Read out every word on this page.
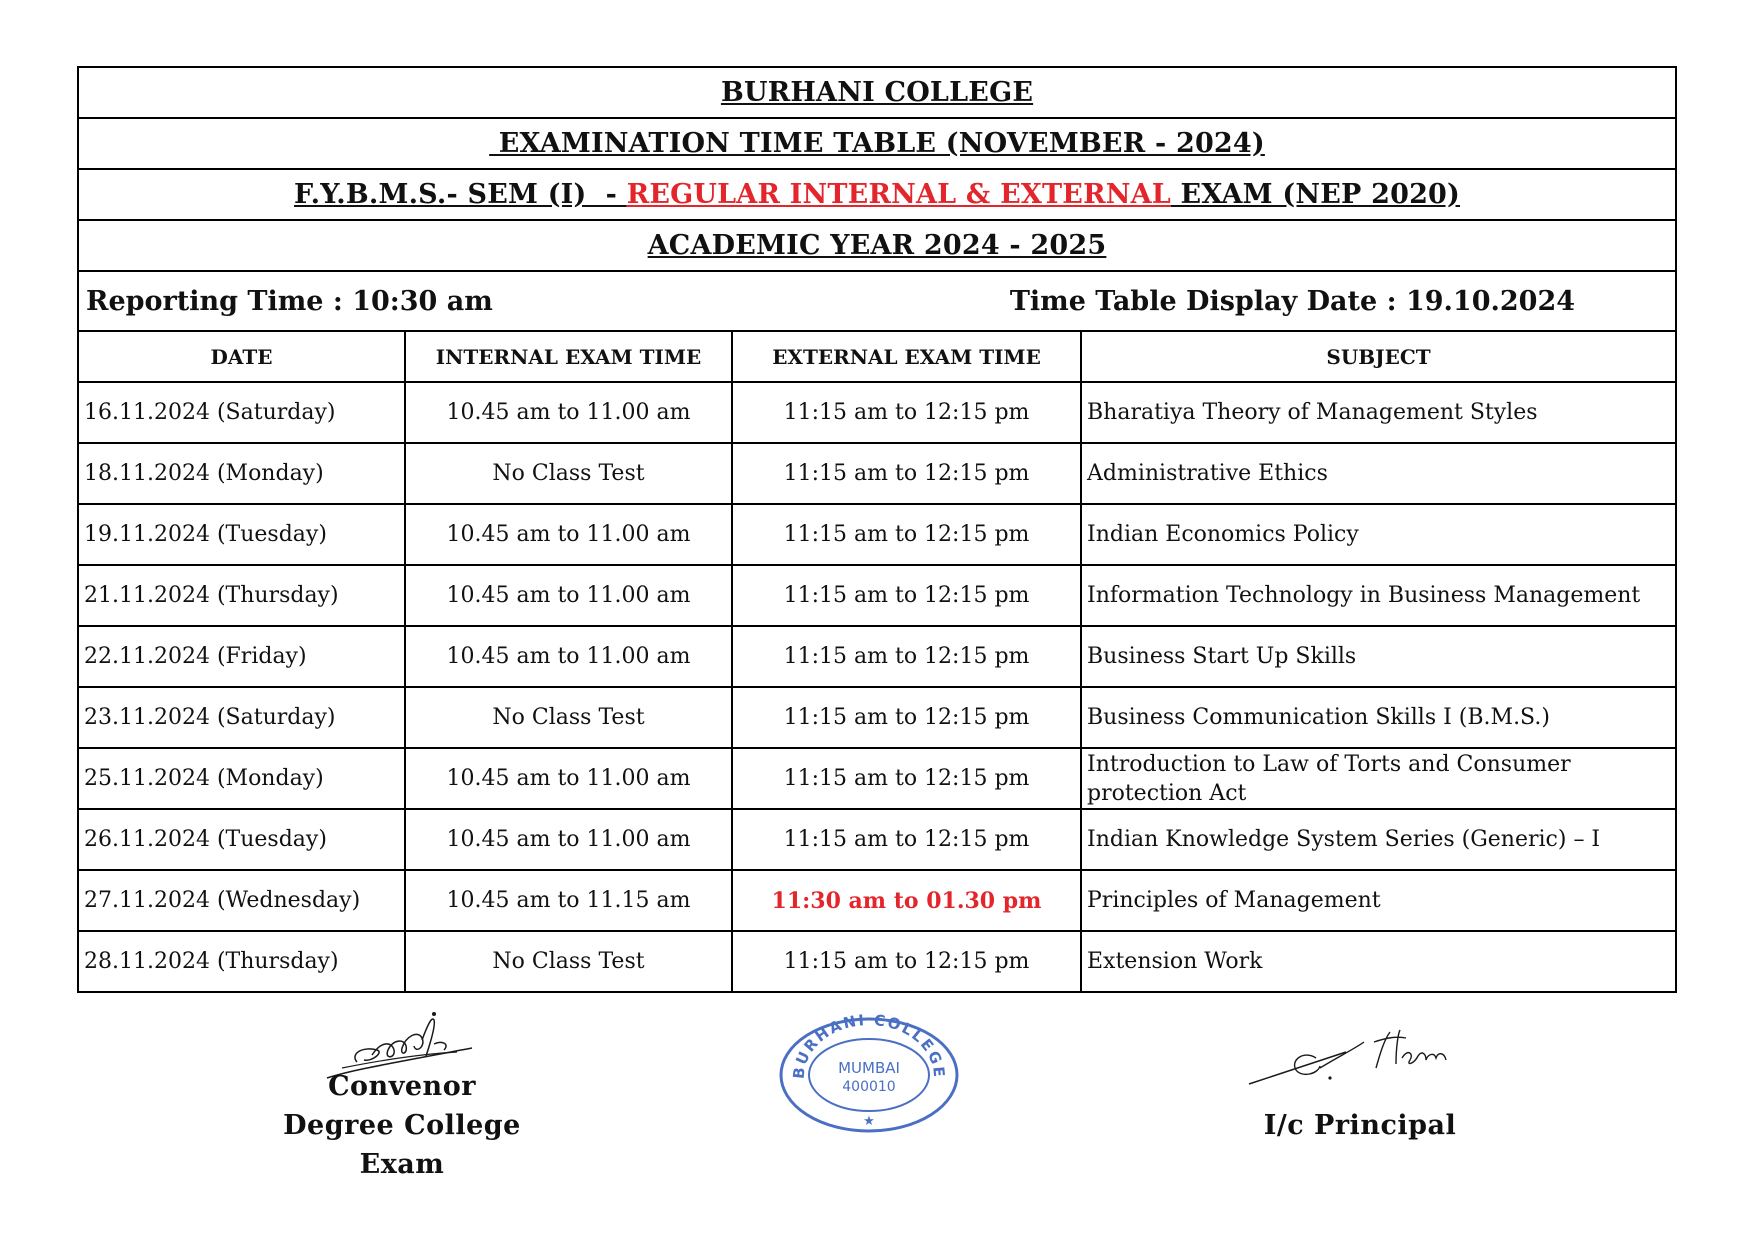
BURHANI COLLEGE			
EXAMINATION TIME TABLE (NOVEMBER - 2024)			
F.Y.B.M.S.- SEM (I)  - REGULAR INTERNAL & EXTERNAL EXAM (NEP 2020)			
ACADEMIC YEAR 2024 - 2025			

Reporting Time : 10:30 am Time Table Display Date : 19.10.2024			

DATE	INTERNAL EXAM TIME	EXTERNAL EXAM TIME	SUBJECT
16.11.2024 (Saturday)	10.45 am to 11.00 am	11:15 am to 12:15 pm	Bharatiya Theory of Management Styles
18.11.2024 (Monday)	No Class Test	11:15 am to 12:15 pm	Administrative Ethics
19.11.2024 (Tuesday)	10.45 am to 11.00 am	11:15 am to 12:15 pm	Indian Economics Policy
21.11.2024 (Thursday)	10.45 am to 11.00 am	11:15 am to 12:15 pm	Information Technology in Business Management
22.11.2024 (Friday)	10.45 am to 11.00 am	11:15 am to 12:15 pm	Business Start Up Skills
23.11.2024 (Saturday)	No Class Test	11:15 am to 12:15 pm	Business Communication Skills I (B.M.S.)
25.11.2024 (Monday)	10.45 am to 11.00 am	11:15 am to 12:15 pm	Introduction to Law of Torts and Consumer protection Act
26.11.2024 (Tuesday)	10.45 am to 11.00 am	11:15 am to 12:15 pm	Indian Knowledge System Series (Generic) – I
27.11.2024 (Wednesday)	10.45 am to 11.15 am	11:30 am to 01.30 pm	Principles of Management
28.11.2024 (Thursday)	No Class Test	11:15 am to 12:15 pm	Extension Work
Convenor
Degree College Exam
BURHANI COLLEGE
MUMBAI
400010
★	I/c Principal
